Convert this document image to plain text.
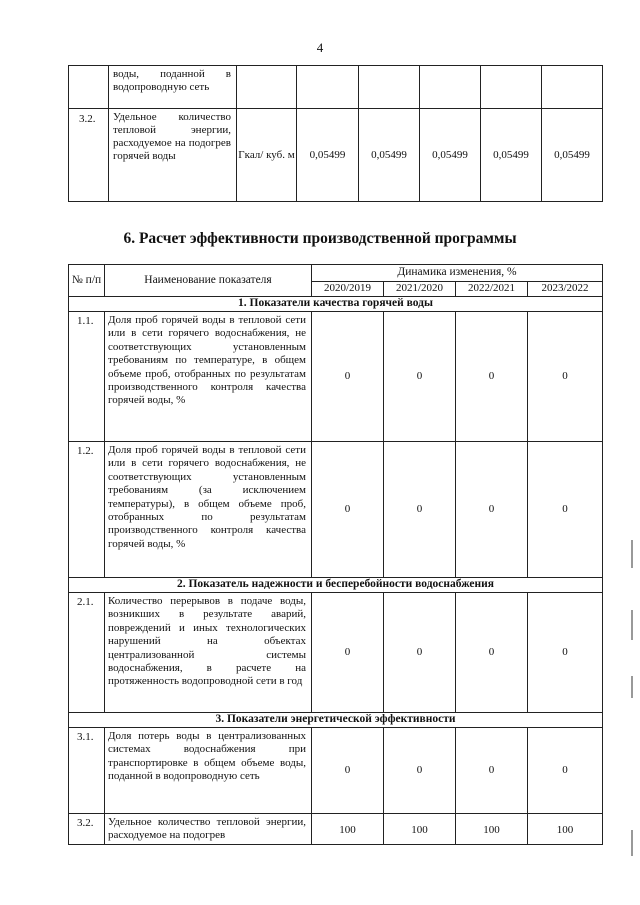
4
	воды, поданной в водопроводную сеть						
3.2.	Удельное количество тепловой энергии, расходуемое на подогрев горячей воды	Гкал/ куб. м	0,05499	0,05499	0,05499	0,05499	0,05499
6. Расчет эффективности производственной программы
№ п/п	Наименование показателя	Динамика изменения, %			
		2020/2019	2021/2020	2022/2021	2023/2022
1. Показатели качества горячей воды					
1.1.	Доля проб горячей воды в тепловой сети или в сети горячего водоснабжения, не соответствующих установленным требованиям по температуре, в общем объеме проб, отобранных по результатам производственного контроля качества горячей воды, %	0	0	0	0
1.2.	Доля проб горячей воды в тепловой сети или в сети горячего водоснабжения, не соответствующих установленным требованиям (за исключением температуры), в общем объеме проб, отобранных по результатам производственного контроля качества горячей воды, %	0	0	0	0
2. Показатель надежности и бесперебойности водоснабжения					
2.1.	Количество перерывов в подаче воды, возникших в результате аварий, повреждений и иных технологических нарушений на объектах централизованной системы водоснабжения, в расчете на протяженность водопроводной сети в год	0	0	0	0
3. Показатели энергетической эффективности					
3.1.	Доля потерь воды в централизованных системах водоснабжения при транспортировке в общем объеме воды, поданной в водопроводную сеть	0	0	0	0
3.2.	Удельное количество тепловой энергии, расходуемое на подогрев	100	100	100	100
